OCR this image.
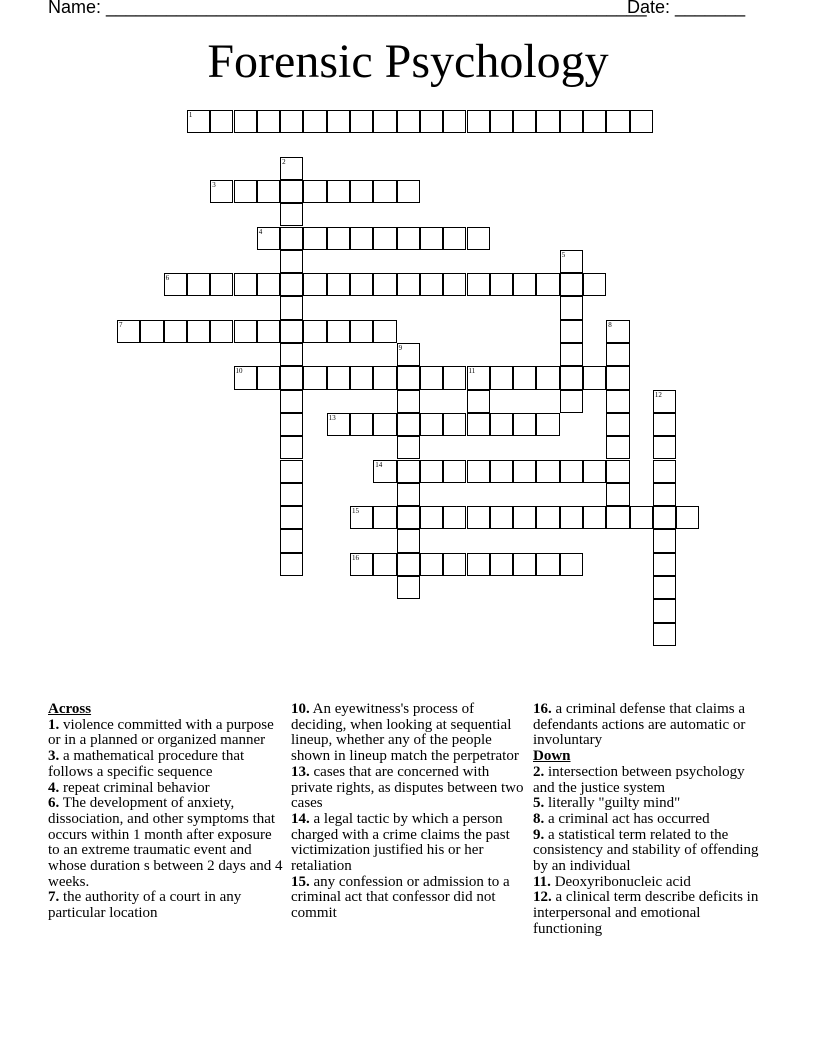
Name: ______________________________________________________
Date: _______
Forensic Psychology
1
2
3
4
5
6
7	8
9
10	11
12
13
14
15
16
Across
1. violence committed with a purpose or in a planned or organized manner
3. a mathematical procedure that follows a specific sequence
4. repeat criminal behavior
6. The development of anxiety, dissociation, and other symptoms that occurs within 1 month after exposure to an extreme traumatic event and whose duration s between 2 days and 4 weeks.
7. the authority of a court in any particular location
10. An eyewitness's process of deciding, when looking at sequential lineup, whether any of the people shown in lineup match the perpetrator
13. cases that are concerned with private rights, as disputes between two cases
14. a legal tactic by which a person charged with a crime claims the past victimization justified his or her retaliation
15. any confession or admission to a criminal act that confessor did not commit
16. a criminal defense that claims a defendants actions are automatic or involuntary
Down
2. intersection between psychology and the justice system
5. literally "guilty mind"
8. a criminal act has occurred
9. a statistical term related to the consistency and stability of offending by an individual
11. Deoxyribonucleic acid
12. a clinical term describe deficits in interpersonal and emotional functioning
